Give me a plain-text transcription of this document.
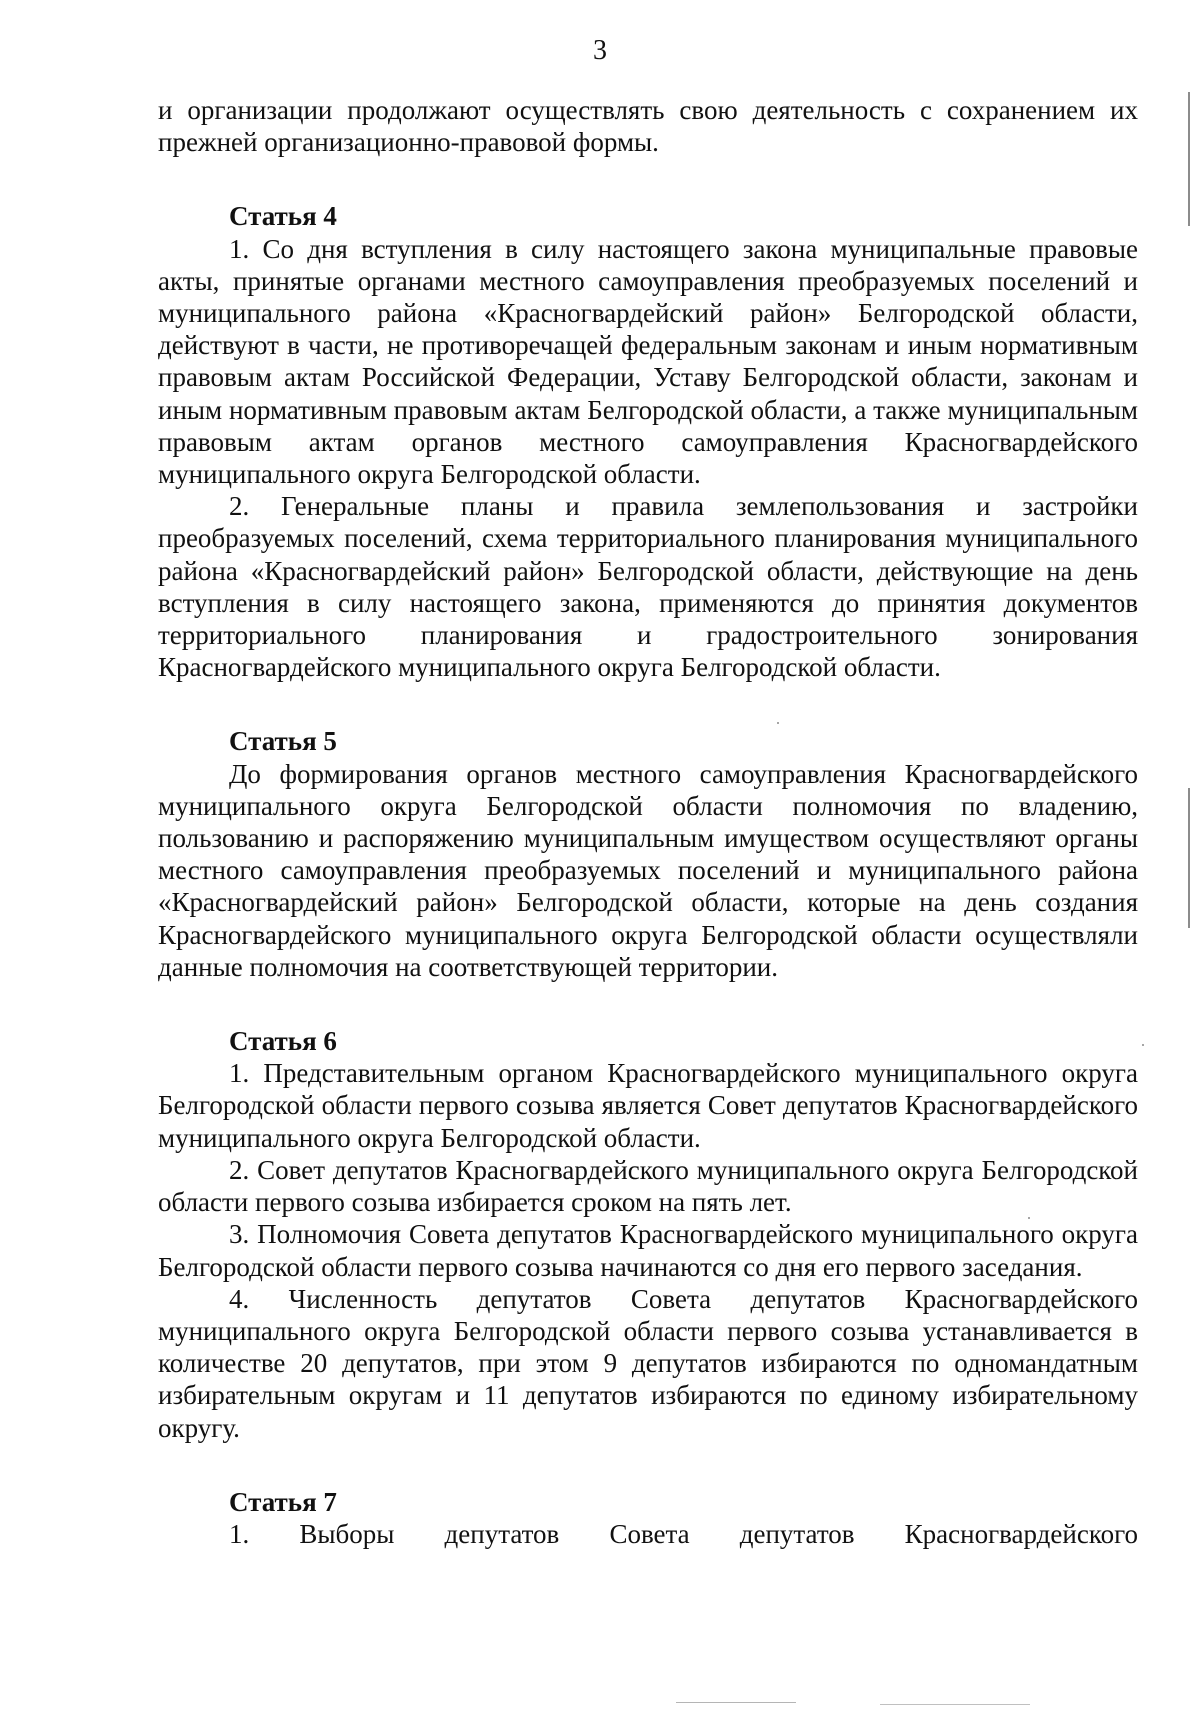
3

и организации продолжают осуществлять свою деятельность с сохранением их прежней организационно-правовой формы.

Статья 4

1. Со дня вступления в силу настоящего закона муниципальные правовые акты, принятые органами местного самоуправления преобразуемых поселений и муниципального района «Красногвардейский район» Белгородской области, действуют в части, не противоречащей федеральным законам и иным нормативным правовым актам Российской Федерации, Уставу Белгородской области, законам и иным нормативным правовым актам Белгородской области, а также муниципальным правовым актам органов местного самоуправления Красногвардейского муниципального округа Белгородской области.

2. Генеральные планы и правила землепользования и застройки преобразуемых поселений, схема территориального планирования муниципального района «Красногвардейский район» Белгородской области, действующие на день вступления в силу настоящего закона, применяются до принятия документов территориального планирования и градостроительного зонирования Красногвардейского муниципального округа Белгородской области.

Статья 5

До формирования органов местного самоуправления Красногвардейского муниципального округа Белгородской области полномочия по владению, пользованию и распоряжению муниципальным имуществом осуществляют органы местного самоуправления преобразуемых поселений и муниципального района «Красногвардейский район» Белгородской области, которые на день создания Красногвардейского муниципального округа Белгородской области осуществляли данные полномочия на соответствующей территории.

Статья 6

1. Представительным органом Красногвардейского муниципального округа Белгородской области первого созыва является Совет депутатов Красногвардейского муниципального округа Белгородской области.

2. Совет депутатов Красногвардейского муниципального округа Белгородской области первого созыва избирается сроком на пять лет.

3. Полномочия Совета депутатов Красногвардейского муниципального округа Белгородской области первого созыва начинаются со дня его первого заседания.

4. Численность депутатов Совета депутатов Красногвардейского муниципального округа Белгородской области первого созыва устанавливается в количестве 20 депутатов, при этом 9 депутатов избираются по одномандатным избирательным округам и 11 депутатов избираются по единому избирательному округу.

Статья 7

1. Выборы депутатов Совета депутатов Красногвардейского
